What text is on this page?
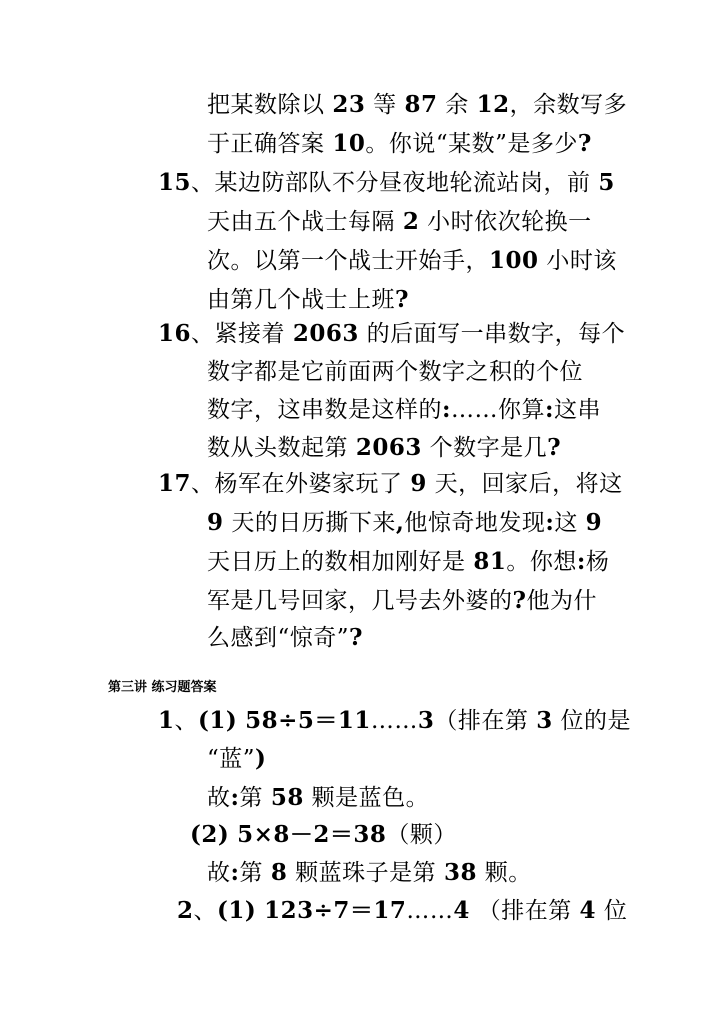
把某数除以 23 等 87 余 12，余数写多
于正确答案 10。你说“某数”是多少?
15、某边防部队不分昼夜地轮流站岗，前 5
天由五个战士每隔 2 小时依次轮换一
次。以第一个战士开始手，100 小时该
由第几个战士上班?
16、紧接着 2063 的后面写一串数字，每个
数字都是它前面两个数字之积的个位
数字，这串数是这样的:……你算:这串
数从头数起第 2063 个数字是几?
17、杨军在外婆家玩了 9 天，回家后，将这
9 天的日历撕下来,他惊奇地发现:这 9
天日历上的数相加刚好是 81。你想:杨
军是几号回家，几号去外婆的?他为什
么感到“惊奇”?
第三讲 练习题答案
1、(1) 58÷5＝11……3（排在第 3 位的是
“蓝”)
故:第 58 颗是蓝色。
(2) 5×8－2＝38（颗）
故:第 8 颗蓝珠子是第 38 颗。
2、(1) 123÷7＝17……4 （排在第 4 位
